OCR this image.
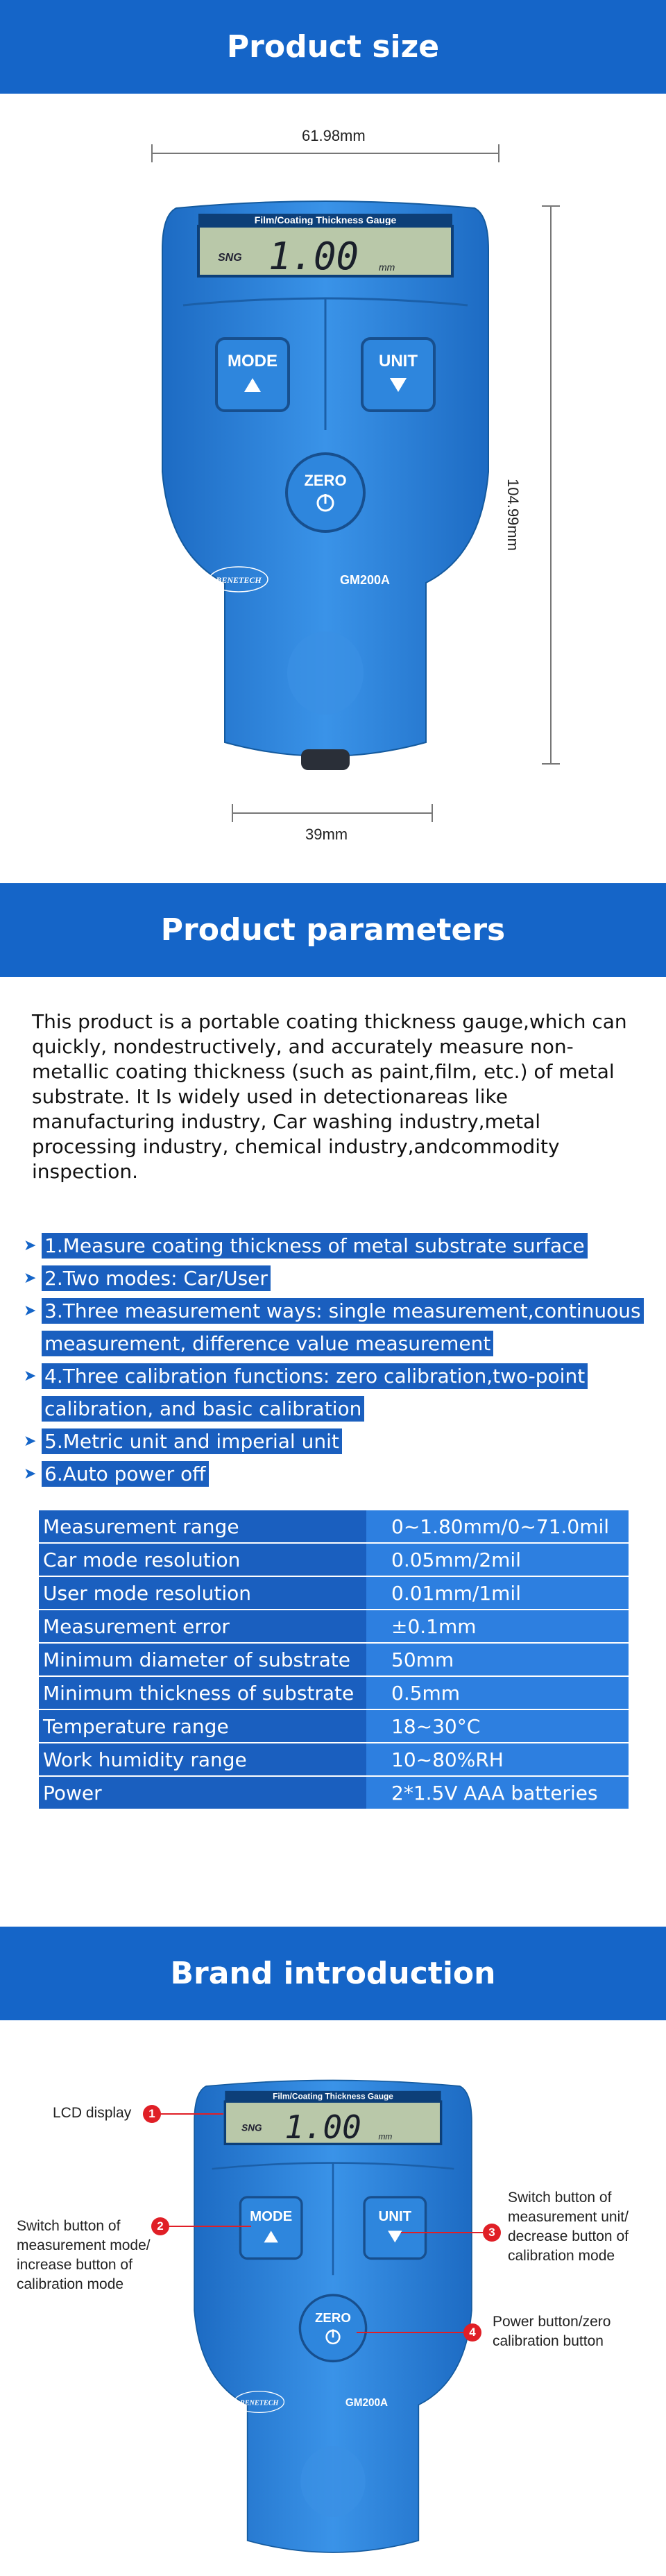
Product size
61.98mm
104.99mm
39mm
Film/Coating Thickness Gauge
SNG 1.00 mm
MODE	UNIT
ZERO
BENETECH	GM200A
Product parameters
This product is a portable coating thickness gauge,which can quickly, nondestructively, and accurately measure non-metallic coating thickness (such as paint,film, etc.) of metal substrate. It Is widely used in detectionareas like manufacturing industry, Car washing industry,metal processing industry, chemical industry,andcommodity inspection.
➤ 1.Measure coating thickness of metal substrate surface
➤ 2.Two modes: Car/User
➤ 3.Three measurement ways: single measurement,continuous measurement, difference value measurement
➤ 4.Three calibration functions: zero calibration,two-point calibration, and basic calibration
➤ 5.Metric unit and imperial unit
➤ 6.Auto power off
Measurement range	0~1.80mm/0~71.0mil
Car mode resolution	0.05mm/2mil
User mode resolution	0.01mm/1mil
Measurement error	±0.1mm
Minimum diameter of substrate	50mm
Minimum thickness of substrate	0.5mm
Temperature range	18~30°C
Work humidity range	10~80%RH
Power	2*1.5V AAA batteries
Brand introduction
Film/Coating Thickness Gauge
SNG 1.00 mm
MODE	UNIT
ZERO
BENETECH	GM200A
LCD display	1
Switch button of measurement mode/ increase button of calibration mode
2
Switch button of measurement unit/ decrease button of calibration mode
3
Power button/zero calibration button
4
